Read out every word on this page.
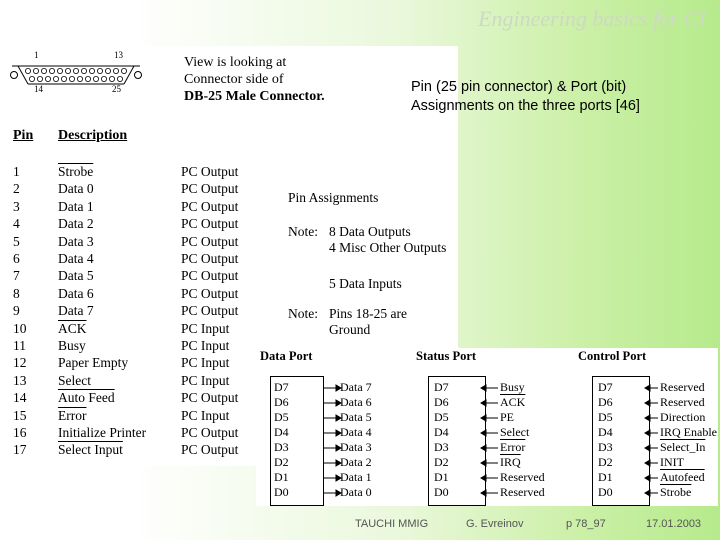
Engineering basics for CI
1	13
14	25
View is looking at
Connector side of
DB-25 Male Connector.
Pin (25 pin connector) & Port (bit)
Assignments on the three ports [46]
Pin Description
1	Strobe	PC Output
2	Data 0	PC Output
3	Data 1	PC Output
4	Data 2	PC Output
5	Data 3	PC Output
6	Data 4	PC Output
7	Data 5	PC Output
8	Data 6	PC Output
9	Data 7	PC Output
10 $\overline{ACK}$	PC Input
11 Busy	PC Input
12 Paper Empty	PC Input
13 Select	PC Input
14 Auto Feed	PC Output
15 Error	PC Input
16 Initialize Printer	PC Output
17 Select Input	PC Output
Pin Assignments
Note: 8 Data Outputs
4 Misc Other Outputs
5 Data Inputs
Note: Pins 18-25 are
Ground
Data Port	Status Port	Control Port
D7	Data 7
D6	Data 6
D5	Data 5
D4	Data 4
D3	Data 3
D2	Data 2
D1	Data 1
D0	Data 0
D7	Busy
D6	$\overline{ACK}$
D5	PE
D4	Select
D3	Error
D2	$\overline{IRQ}$
D1	Reserved
D0	Reserved
D7	Reserved
D6	Reserved
D5	Direction
D4	IRQ Enable
D3	Select_In
D2	INIT
D1	Autofeed
D0	Strobe
TAUCHI MMIG	G. Evreinov	p 78_97	17.01.2003
